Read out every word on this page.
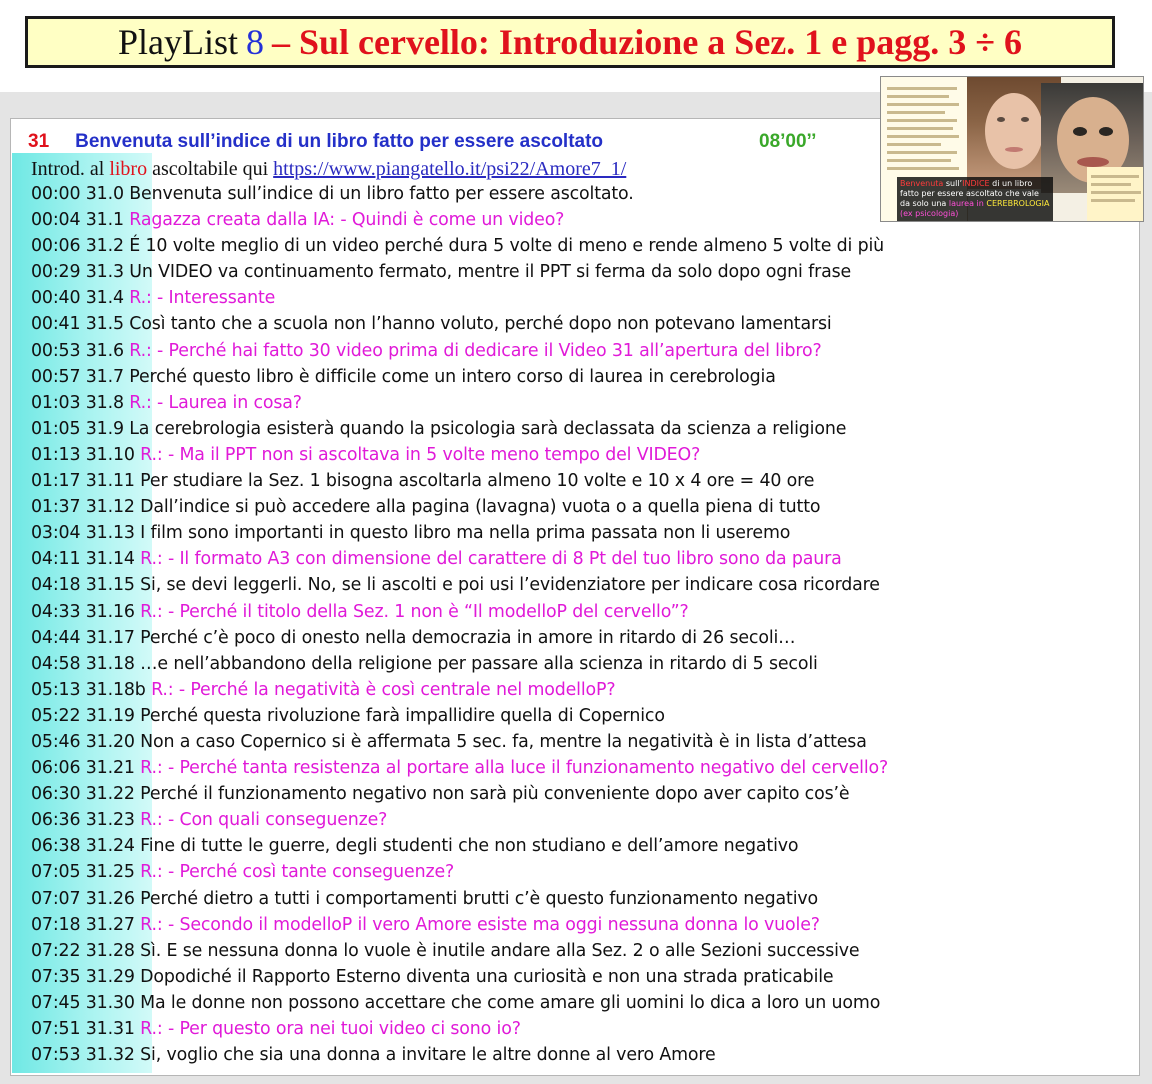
PlayList 8 – Sul cervello: Introduzione a Sez. 1 e pagg. 3 ÷ 6
Benvenuta sull’INDICE di un libro fatto per essere ascoltato che vale da solo una laurea in CEREBROLOGIA (ex psicologia)
31 Benvenuta sull’indice di un libro fatto per essere ascoltato	08’00’’
Introd. al libro ascoltabile qui https://www.piangatello.it/psi22/Amore7_1/
00:00 31.0 Benvenuta sull’indice di un libro fatto per essere ascoltato.
00:04 31.1 Ragazza creata dalla IA: - Quindi è come un video?
00:06 31.2 É 10 volte meglio di un video perché dura 5 volte di meno e rende almeno 5 volte di più
00:29 31.3 Un VIDEO va continuamento fermato, mentre il PPT si ferma da solo dopo ogni frase
00:40 31.4 R.: - Interessante
00:41 31.5 Così tanto che a scuola non l’hanno voluto, perché dopo non potevano lamentarsi
00:53 31.6 R.: - Perché hai fatto 30 video prima di dedicare il Video 31 all’apertura del libro?
00:57 31.7 Perché questo libro è difficile come un intero corso di laurea in cerebrologia
01:03 31.8 R.: - Laurea in cosa?
01:05 31.9 La cerebrologia esisterà quando la psicologia sarà declassata da scienza a religione
01:13 31.10 R.: - Ma il PPT non si ascoltava in 5 volte meno tempo del VIDEO?
01:17 31.11 Per studiare la Sez. 1 bisogna ascoltarla almeno 10 volte e 10 x 4 ore = 40 ore
01:37 31.12 Dall’indice si può accedere alla pagina (lavagna) vuota o a quella piena di tutto
03:04 31.13 I film sono importanti in questo libro ma nella prima passata non li useremo
04:11 31.14 R.: - Il formato A3 con dimensione del carattere di 8 Pt del tuo libro sono da paura
04:18 31.15 Si, se devi leggerli. No, se li ascolti e poi usi l’evidenziatore per indicare cosa ricordare
04:33 31.16 R.: - Perché il titolo della Sez. 1 non è “Il modelloP del cervello”?
04:44 31.17 Perché c’è poco di onesto nella democrazia in amore in ritardo di 26 secoli…
04:58 31.18 …e nell’abbandono della religione per passare alla scienza in ritardo di 5 secoli
05:13 31.18b R.: - Perché la negatività è così centrale nel modelloP?
05:22 31.19 Perché questa rivoluzione farà impallidire quella di Copernico
05:46 31.20 Non a caso Copernico si è affermata 5 sec. fa, mentre la negatività è in lista d’attesa
06:06 31.21 R.: - Perché tanta resistenza al portare alla luce il funzionamento negativo del cervello?
06:30 31.22 Perché il funzionamento negativo non sarà più conveniente dopo aver capito cos’è
06:36 31.23 R.: - Con quali conseguenze?
06:38 31.24 Fine di tutte le guerre, degli studenti che non studiano e dell’amore negativo
07:05 31.25 R.: - Perché così tante conseguenze?
07:07 31.26 Perché dietro a tutti i comportamenti brutti c’è questo funzionamento negativo
07:18 31.27 R.: - Secondo il modelloP il vero Amore esiste ma oggi nessuna donna lo vuole?
07:22 31.28 Sì. E se nessuna donna lo vuole è inutile andare alla Sez. 2 o alle Sezioni successive
07:35 31.29 Dopodiché il Rapporto Esterno diventa una curiosità e non una strada praticabile
07:45 31.30 Ma le donne non possono accettare che come amare gli uomini lo dica a loro un uomo
07:51 31.31 R.: - Per questo ora nei tuoi video ci sono io?
07:53 31.32 Si, voglio che sia una donna a invitare le altre donne al vero Amore
